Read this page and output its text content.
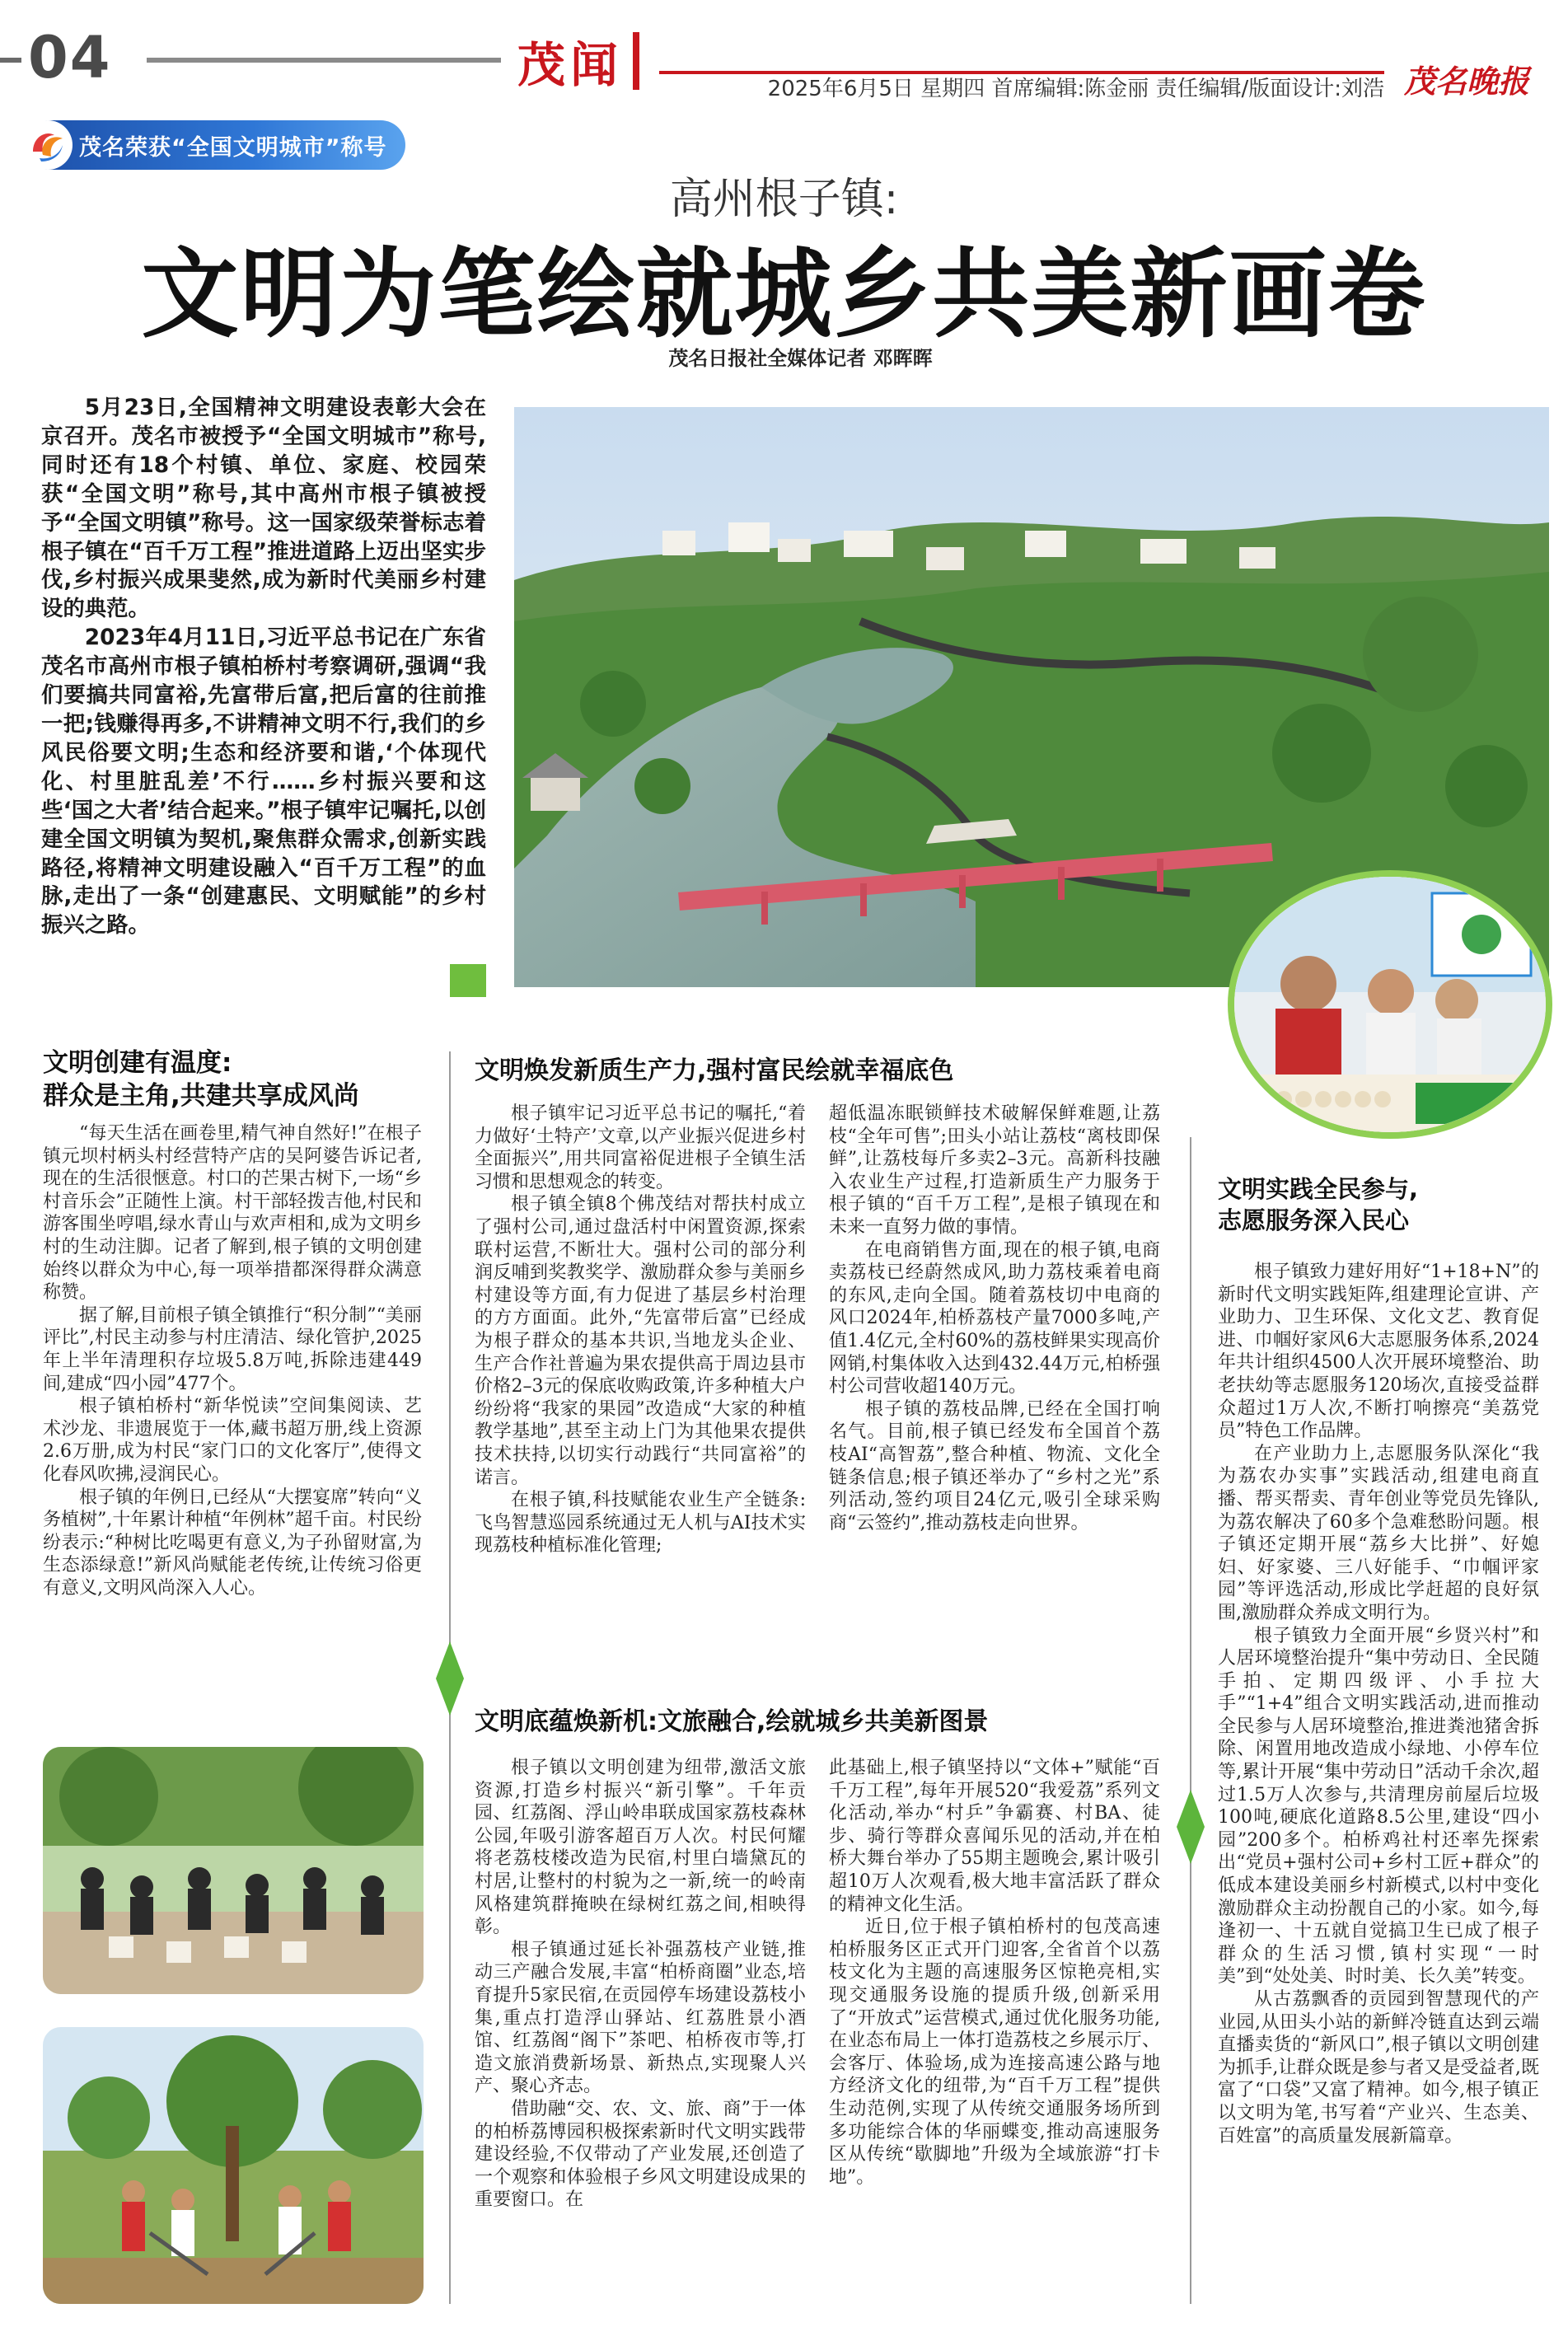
04	茂闻	2025年6月5日 星期四 首席编辑:陈金丽 责任编辑/版面设计:刘浩 茂名晚报
茂名荣获“全国文明城市”称号
高州根子镇:
文明为笔绘就城乡共美新画卷
茂名日报社全媒体记者 邓晖晖

5月23日,全国精神文明建设表彰大会在京召开。茂名市被授予“全国文明城市”称号,同时还有18个村镇、单位、家庭、校园荣获“全国文明”称号,其中高州市根子镇被授予“全国文明镇”称号。这一国家级荣誉标志着根子镇在“百千万工程”推进道路上迈出坚实步伐,乡村振兴成果斐然,成为新时代美丽乡村建设的典范。

2023年4月11日,习近平总书记在广东省茂名市高州市根子镇柏桥村考察调研,强调“我们要搞共同富裕,先富带后富,把后富的往前推一把;钱赚得再多,不讲精神文明不行,我们的乡风民俗要文明;生态和经济要和谐,‘个体现代化、村里脏乱差’不行……乡村振兴要和这些‘国之大者’结合起来。”根子镇牢记嘱托,以创建全国文明镇为契机,聚焦群众需求,创新实践路径,将精神文明建设融入“百千万工程”的血脉,走出了一条“创建惠民、文明赋能”的乡村振兴之路。

文明创建有温度:
群众是主角,共建共享成风尚

“每天生活在画卷里,精气神自然好!”在根子镇元坝村柄头村经营特产店的吴阿婆告诉记者,现在的生活很惬意。村口的芒果古树下,一场“乡村音乐会”正随性上演。村干部轻拨吉他,村民和游客围坐哼唱,绿水青山与欢声相和,成为文明乡村的生动注脚。记者了解到,根子镇的文明创建始终以群众为中心,每一项举措都深得群众满意称赞。

据了解,目前根子镇全镇推行“积分制”“美丽评比”,村民主动参与村庄清洁、绿化管护,2025年上半年清理积存垃圾5.8万吨,拆除违建449间,建成“四小园”477个。

根子镇柏桥村“新华悦读”空间集阅读、艺术沙龙、非遗展览于一体,藏书超万册,线上资源2.6万册,成为村民“家门口的文化客厅”,使得文化春风吹拂,浸润民心。

根子镇的年例日,已经从“大摆宴席”转向“义务植树”,十年累计种植“年例林”超千亩。村民纷纷表示:“种树比吃喝更有意义,为子孙留财富,为生态添绿意!”新风尚赋能老传统,让传统习俗更有意义,文明风尚深入人心。

文明焕发新质生产力,强村富民绘就幸福底色

根子镇牢记习近平总书记的嘱托,“着力做好‘土特产’文章,以产业振兴促进乡村全面振兴”,用共同富裕促进根子全镇生活习惯和思想观念的转变。

根子镇全镇8个佛茂结对帮扶村成立了强村公司,通过盘活村中闲置资源,探索联村运营,不断壮大。强村公司的部分利润反哺到奖教奖学、激励群众参与美丽乡村建设等方面,有力促进了基层乡村治理的方方面面。此外,“先富带后富”已经成为根子群众的基本共识,当地龙头企业、生产合作社普遍为果农提供高于周边县市价格2–3元的保底收购政策,许多种植大户纷纷将“我家的果园”改造成“大家的种植教学基地”,甚至主动上门为其他果农提供技术扶持,以切实行动践行“共同富裕”的诺言。

在根子镇,科技赋能农业生产全链条:飞鸟智慧巡园系统通过无人机与AI技术实现荔枝种植标准化管理;

超低温冻眠锁鲜技术破解保鲜难题,让荔枝“全年可售”;田头小站让荔枝“离枝即保鲜”,让荔枝每斤多卖2–3元。高新科技融入农业生产过程,打造新质生产力服务于根子镇的“百千万工程”,是根子镇现在和未来一直努力做的事情。

在电商销售方面,现在的根子镇,电商卖荔枝已经蔚然成风,助力荔枝乘着电商的东风,走向全国。随着荔枝切中电商的风口2024年,柏桥荔枝产量7000多吨,产值1.4亿元,全村60%的荔枝鲜果实现高价网销,村集体收入达到432.44万元,柏桥强村公司营收超140万元。

根子镇的荔枝品牌,已经在全国打响名气。目前,根子镇已经发布全国首个荔枝AI“高智荔”,整合种植、物流、文化全链条信息;根子镇还举办了“乡村之光”系列活动,签约项目24亿元,吸引全球采购商“云签约”,推动荔枝走向世界。

文明底蕴焕新机:文旅融合,绘就城乡共美新图景

根子镇以文明创建为纽带,激活文旅资源,打造乡村振兴“新引擎”。千年贡园、红荔阁、浮山岭串联成国家荔枝森林公园,年吸引游客超百万人次。村民何耀将老荔枝楼改造为民宿,村里白墙黛瓦的村居,让整村的村貌为之一新,统一的岭南风格建筑群掩映在绿树红荔之间,相映得彰。

根子镇通过延长补强荔枝产业链,推动三产融合发展,丰富“柏桥商圈”业态,培育提升5家民宿,在贡园停车场建设荔枝小集,重点打造浮山驿站、红荔胜景小酒馆、红荔阁“阁下”茶吧、柏桥夜市等,打造文旅消费新场景、新热点,实现聚人兴产、聚心齐志。

借助融“交、农、文、旅、商”于一体的柏桥荔博园积极探索新时代文明实践带建设经验,不仅带动了产业发展,还创造了一个观察和体验根子乡风文明建设成果的重要窗口。在

此基础上,根子镇坚持以“文体+”赋能“百千万工程”,每年开展520“我爱荔”系列文化活动,举办“村乒”争霸赛、村BA、徒步、骑行等群众喜闻乐见的活动,并在柏桥大舞台举办了55期主题晚会,累计吸引超10万人次观看,极大地丰富活跃了群众的精神文化生活。

近日,位于根子镇柏桥村的包茂高速柏桥服务区正式开门迎客,全省首个以荔枝文化为主题的高速服务区惊艳亮相,实现交通服务设施的提质升级,创新采用了“开放式”运营模式,通过优化服务功能,在业态布局上一体打造荔枝之乡展示厅、会客厅、体验场,成为连接高速公路与地方经济文化的纽带,为“百千万工程”提供生动范例,实现了从传统交通服务场所到多功能综合体的华丽蝶变,推动高速服务区从传统“歇脚地”升级为全域旅游“打卡地”。

文明实践全民参与,
志愿服务深入民心

根子镇致力建好用好“1+18+N”的新时代文明实践矩阵,组建理论宣讲、产业助力、卫生环保、文化文艺、教育促进、巾帼好家风6大志愿服务体系,2024年共计组织4500人次开展环境整治、助老扶幼等志愿服务120场次,直接受益群众超过1万人次,不断打响擦亮“美荔党员”特色工作品牌。

在产业助力上,志愿服务队深化“我为荔农办实事”实践活动,组建电商直播、帮买帮卖、青年创业等党员先锋队,为荔农解决了60多个急难愁盼问题。根子镇还定期开展“荔乡大比拼”、好媳妇、好家婆、三八好能手、“巾帼评家园”等评选活动,形成比学赶超的良好氛围,激励群众养成文明行为。

根子镇致力全面开展“乡贤兴村”和人居环境整治提升“集中劳动日、全民随手拍、定期四级评、小手拉大手”“1+4”组合文明实践活动,进而推动全民参与人居环境整治,推进粪池猪舍拆除、闲置用地改造成小绿地、小停车位等,累计开展“集中劳动日”活动千余次,超过1.5万人次参与,共清理房前屋后垃圾100吨,硬底化道路8.5公里,建设“四小园”200多个。柏桥鸡社村还率先探索出“党员+强村公司+乡村工匠+群众”的低成本建设美丽乡村新模式,以村中变化激励群众主动扮靓自己的小家。如今,每逢初一、十五就自觉搞卫生已成了根子群众的生活习惯,镇村实现“一时美”到“处处美、时时美、长久美”转变。

从古荔飘香的贡园到智慧现代的产业园,从田头小站的新鲜冷链直达到云端直播卖货的“新风口”,根子镇以文明创建为抓手,让群众既是参与者又是受益者,既富了“口袋”又富了精神。如今,根子镇正以文明为笔,书写着“产业兴、生态美、百姓富”的高质量发展新篇章。
